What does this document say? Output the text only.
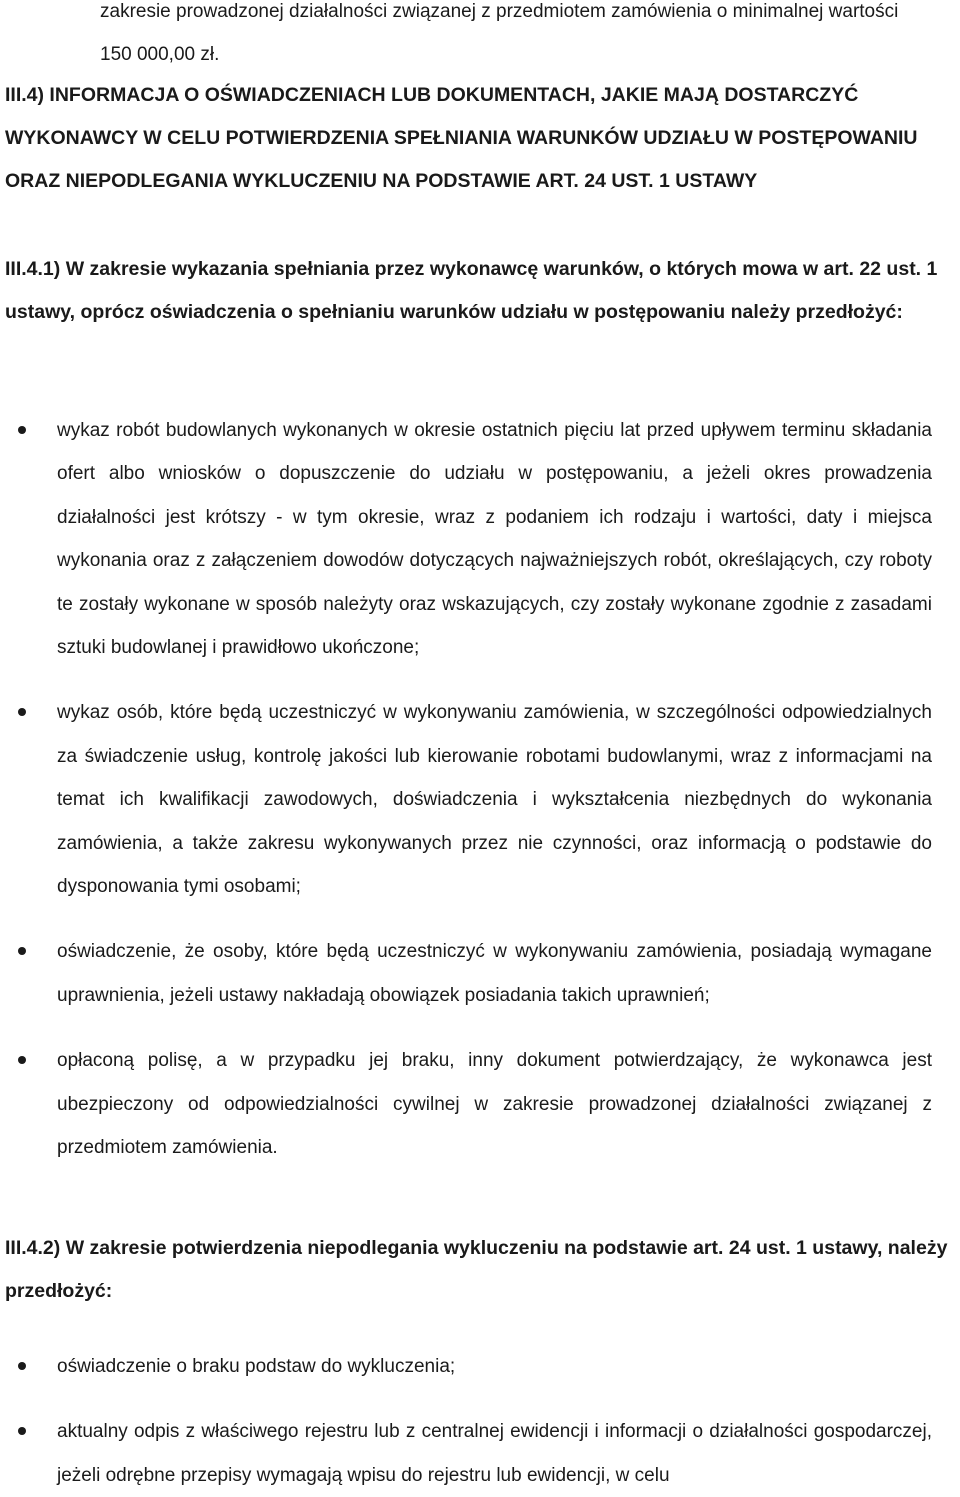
zakresie prowadzonej działalności związanej z przedmiotem zamówienia o minimalnej wartości 150 000,00 zł.

III.4) INFORMACJA O OŚWIADCZENIACH LUB DOKUMENTACH, JAKIE MAJĄ DOSTARCZYĆ WYKONAWCY W CELU POTWIERDZENIA SPEŁNIANIA WARUNKÓW UDZIAŁU W POSTĘPOWANIU ORAZ NIEPODLEGANIA WYKLUCZENIU NA PODSTAWIE ART. 24 UST. 1 USTAWY

III.4.1) W zakresie wykazania spełniania przez wykonawcę warunków, o których mowa w art. 22 ust. 1 ustawy, oprócz oświadczenia o spełnianiu warunków udziału w postępowaniu należy przedłożyć:

wykaz robót budowlanych wykonanych w okresie ostatnich pięciu lat przed upływem terminu składania ofert albo wniosków o dopuszczenie do udziału w postępowaniu, a jeżeli okres prowadzenia działalności jest krótszy - w tym okresie, wraz z podaniem ich rodzaju i wartości, daty i miejsca wykonania oraz z załączeniem dowodów dotyczących najważniejszych robót, określających, czy roboty te zostały wykonane w sposób należyty oraz wskazujących, czy zostały wykonane zgodnie z zasadami sztuki budowlanej i prawidłowo ukończone;
wykaz osób, które będą uczestniczyć w wykonywaniu zamówienia, w szczególności odpowiedzialnych za świadczenie usług, kontrolę jakości lub kierowanie robotami budowlanymi, wraz z informacjami na temat ich kwalifikacji zawodowych, doświadczenia i wykształcenia niezbędnych do wykonania zamówienia, a także zakresu wykonywanych przez nie czynności, oraz informacją o podstawie do dysponowania tymi osobami;
oświadczenie, że osoby, które będą uczestniczyć w wykonywaniu zamówienia, posiadają wymagane uprawnienia, jeżeli ustawy nakładają obowiązek posiadania takich uprawnień;
opłaconą polisę, a w przypadku jej braku, inny dokument potwierdzający, że wykonawca jest ubezpieczony od odpowiedzialności cywilnej w zakresie prowadzonej działalności związanej z przedmiotem zamówienia.

III.4.2) W zakresie potwierdzenia niepodlegania wykluczeniu na podstawie art. 24 ust. 1 ustawy, należy przedłożyć:

oświadczenie o braku podstaw do wykluczenia;
aktualny odpis z właściwego rejestru lub z centralnej ewidencji i informacji o działalności gospodarczej, jeżeli odrębne przepisy wymagają wpisu do rejestru lub ewidencji, w celu
